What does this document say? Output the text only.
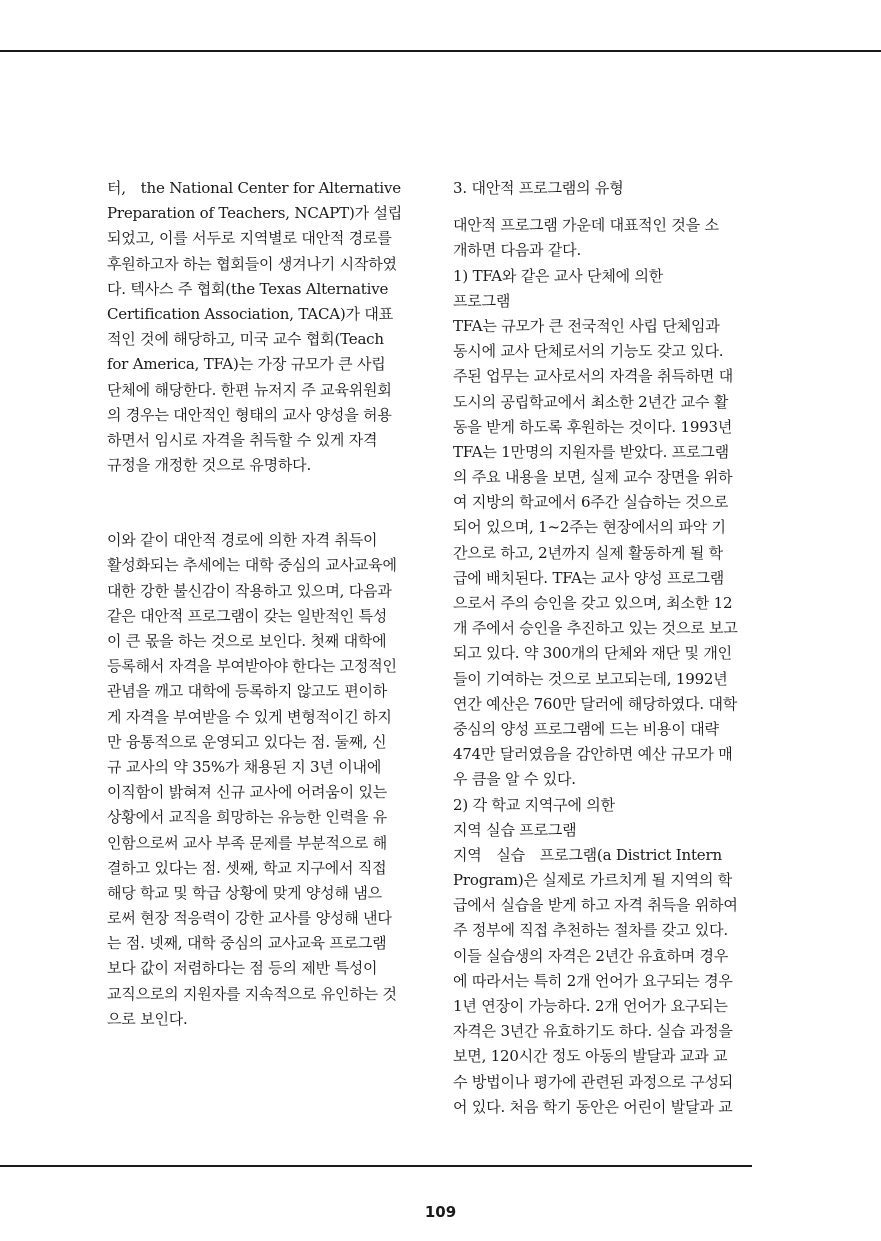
터,　the National Center for Alternative
Preparation of Teachers, NCAPT)가 설립
되었고, 이를 서두로 지역별로 대안적 경로를
후원하고자 하는 협회들이 생겨나기 시작하였
다. 텍사스 주 협회(the Texas Alternative
Certification Association, TACA)가 대표
적인 것에 해당하고, 미국 교수 협회(Teach
for America, TFA)는 가장 규모가 큰 사립
단체에 해당한다. 한편 뉴저지 주 교육위원회
의 경우는 대안적인 형태의 교사 양성을 허용
하면서 임시로 자격을 취득할 수 있게 자격
규정을 개정한 것으로 유명하다.
이와 같이 대안적 경로에 의한 자격 취득이
활성화되는 추세에는 대학 중심의 교사교육에
대한 강한 불신감이 작용하고 있으며, 다음과
같은 대안적 프로그램이 갖는 일반적인 특성
이 큰 몫을 하는 것으로 보인다. 첫째 대학에
등록해서 자격을 부여받아야 한다는 고정적인
관념을 깨고 대학에 등록하지 않고도 편이하
게 자격을 부여받을 수 있게 변형적이긴 하지
만 융통적으로 운영되고 있다는 점. 둘째, 신
규 교사의 약 35%가 채용된 지 3년 이내에
이직함이 밝혀져 신규 교사에 어려움이 있는
상황에서 교직을 희망하는 유능한 인력을 유
인함으로써 교사 부족 문제를 부분적으로 해
결하고 있다는 점. 셋째, 학교 지구에서 직접
해당 학교 및 학급 상황에 맞게 양성해 냄으
로써 현장 적응력이 강한 교사를 양성해 낸다
는 점. 넷째, 대학 중심의 교사교육 프로그램
보다 값이 저렴하다는 점 등의 제반 특성이
교직으로의 지원자를 지속적으로 유인하는 것
으로 보인다.
3. 대안적 프로그램의 유형
대안적 프로그램 가운데 대표적인 것을 소
개하면 다음과 같다.
1) TFA와 같은 교사 단체에 의한
프로그램
TFA는 규모가 큰 전국적인 사립 단체임과
동시에 교사 단체로서의 기능도 갖고 있다.
주된 업무는 교사로서의 자격을 취득하면 대
도시의 공립학교에서 최소한 2년간 교수 활
동을 받게 하도록 후원하는 것이다. 1993년
TFA는 1만명의 지원자를 받았다. 프로그램
의 주요 내용을 보면, 실제 교수 장면을 위하
여 지방의 학교에서 6주간 실습하는 것으로
되어 있으며, 1~2주는 현장에서의 파악 기
간으로 하고, 2년까지 실제 활동하게 될 학
급에 배치된다. TFA는 교사 양성 프로그램
으로서 주의 승인을 갖고 있으며, 최소한 12
개 주에서 승인을 추진하고 있는 것으로 보고
되고 있다. 약 300개의 단체와 재단 및 개인
들이 기여하는 것으로 보고되는데, 1992년
연간 예산은 760만 달러에 해당하였다. 대학
중심의 양성 프로그램에 드는 비용이 대략
474만 달러였음을 감안하면 예산 규모가 매
우 큼을 알 수 있다.
2) 각 학교 지역구에 의한
지역 실습 프로그램
지역　실습　프로그램(a District Intern
Program)은 실제로 가르치게 될 지역의 학
급에서 실습을 받게 하고 자격 취득을 위하여
주 정부에 직접 추천하는 절차를 갖고 있다.
이들 실습생의 자격은 2년간 유효하며 경우
에 따라서는 특히 2개 언어가 요구되는 경우
1년 연장이 가능하다. 2개 언어가 요구되는
자격은 3년간 유효하기도 하다. 실습 과정을
보면, 120시간 정도 아동의 발달과 교과 교
수 방법이나 평가에 관련된 과정으로 구성되
어 있다. 처음 학기 동안은 어린이 발달과 교
109
